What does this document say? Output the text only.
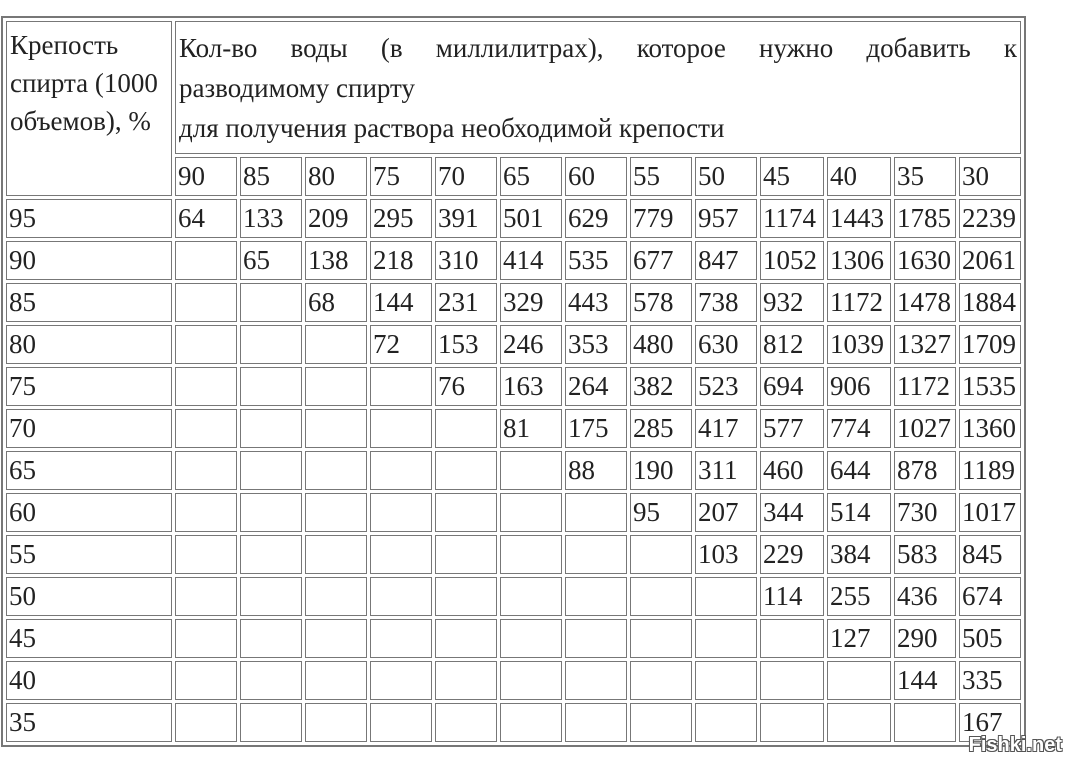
Крепость спирта (1000 объемов), %	Кол-во воды (в миллилитрах), которое нужно добавить к
разводимому спирту
для получения раствора необходимой крепости												

	90	85	80	75	70	65	60	55	50	45	40	35	30
95	64	133	209	295	391	501	629	779	957	1174	1443	1785	2239
90		65	138	218	310	414	535	677	847	1052	1306	1630	2061
85			68	144	231	329	443	578	738	932	1172	1478	1884
80				72	153	246	353	480	630	812	1039	1327	1709
75					76	163	264	382	523	694	906	1172	1535
70						81	175	285	417	577	774	1027	1360
65							88	190	311	460	644	878	1189
60								95	207	344	514	730	1017
55									103	229	384	583	845
50										114	255	436	674
45											127	290	505
40												144	335
35													167
Fishki.net
